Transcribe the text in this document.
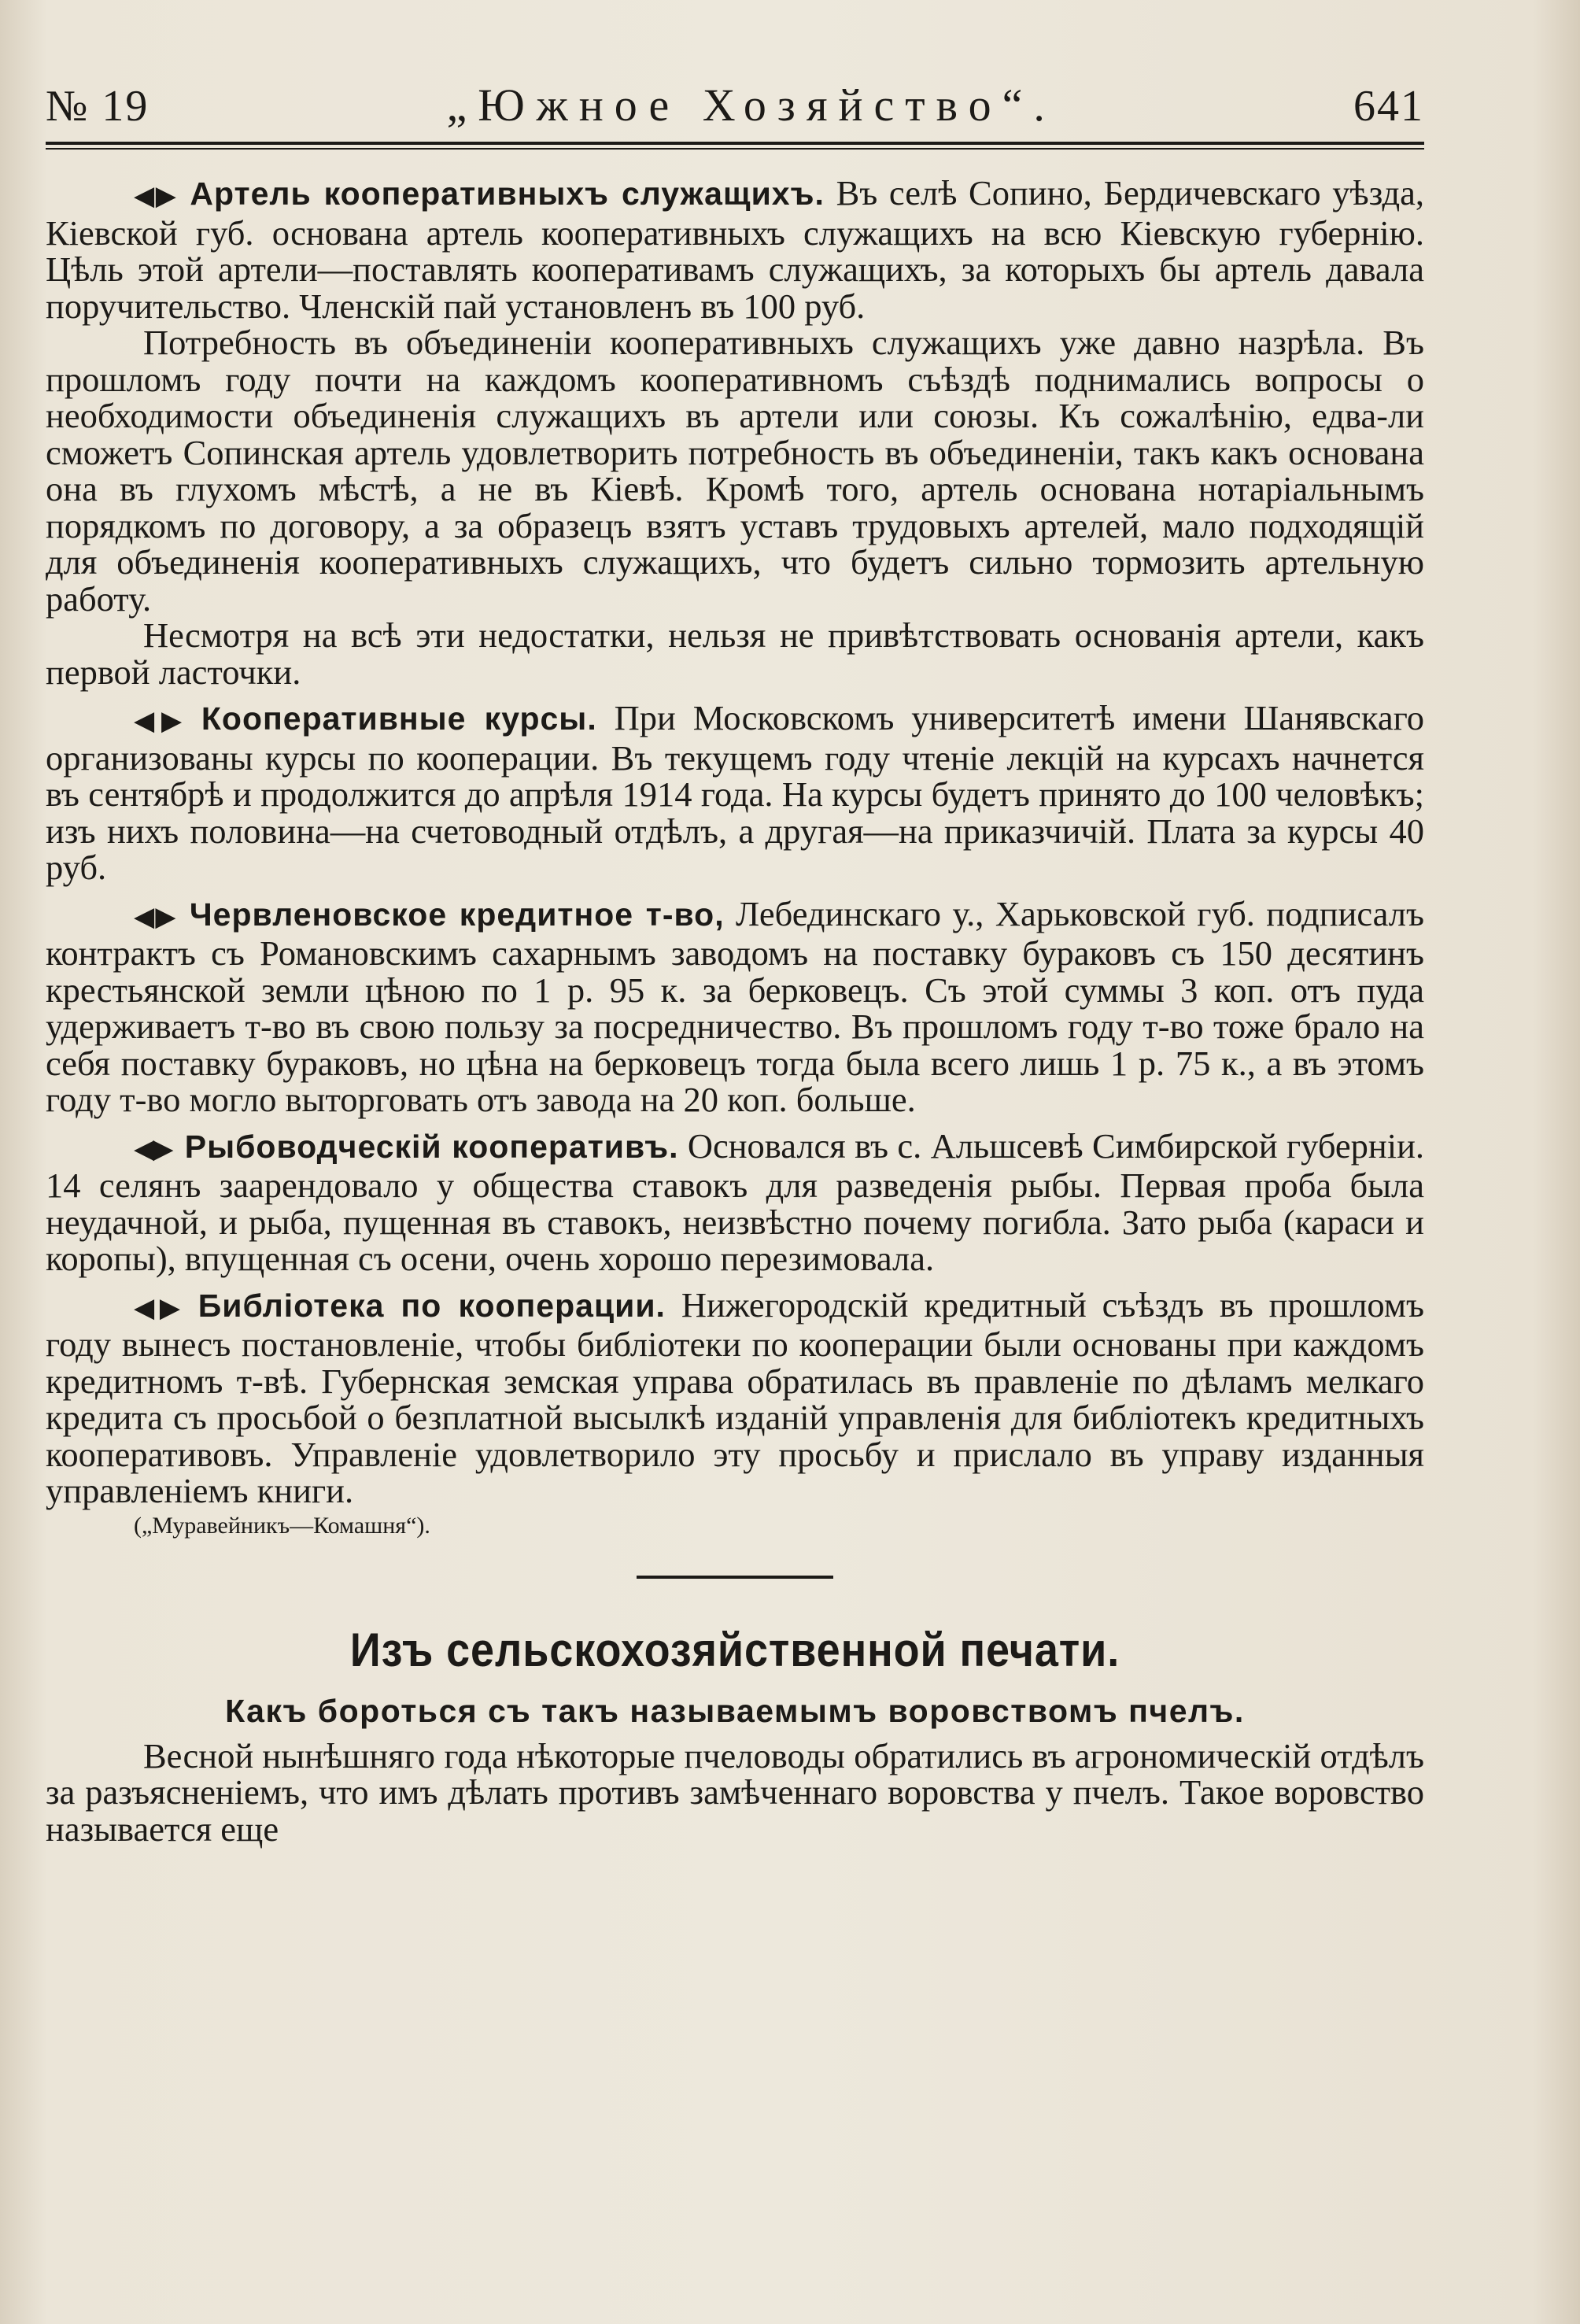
№ 19	„Южное Хозяйство“.	641

◀▶ Артель кооперативныхъ служащихъ. Въ селѣ Сопино, Бердичевскаго уѣзда, Кіевской губ. основана артель кооперативныхъ служащихъ на всю Кіевскую губернію. Цѣль этой артели—поставлять кооперативамъ служащихъ, за которыхъ бы артель давала поручительство. Членскій пай установленъ въ 100 руб.

Потребность въ объединеніи кооперативныхъ служащихъ уже давно назрѣла. Въ прошломъ году почти на каждомъ кооперативномъ съѣздѣ поднимались вопросы о необходимости объединенія служащихъ въ артели или союзы. Къ сожалѣнію, едва-ли сможетъ Сопинская артель удовлетворить потребность въ объединеніи, такъ какъ основана она въ глухомъ мѣстѣ, а не въ Кіевѣ. Кромѣ того, артель основана нотаріальнымъ порядкомъ по договору, а за образецъ взятъ уставъ трудовыхъ артелей, мало подходящій для объединенія кооперативныхъ служащихъ, что будетъ сильно тормозить артельную работу.

Несмотря на всѣ эти недостатки, нельзя не привѣтствовать основанія артели, какъ первой ласточки.

◀▶ Кооперативные курсы. При Московскомъ университетѣ имени Шанявскаго организованы курсы по кооперации. Въ текущемъ году чтеніе лекцій на курсахъ начнется въ сентябрѣ и продолжится до апрѣля 1914 года. На курсы будетъ принято до 100 человѣкъ; изъ нихъ половина—на счетоводный отдѣлъ, а другая—на приказчичій. Плата за курсы 40 руб.

◀▶ Червленовское кредитное т-во, Лебединскаго у., Харьковской губ. подписалъ контрактъ съ Романовскимъ сахарнымъ заводомъ на поставку бураковъ съ 150 десятинъ крестьянской земли цѣною по 1 р. 95 к. за берковецъ. Съ этой суммы 3 коп. отъ пуда удерживаетъ т-во въ свою пользу за посредничество. Въ прошломъ году т-во тоже брало на себя поставку бураковъ, но цѣна на берковецъ тогда была всего лишь 1 р. 75 к., а въ этомъ году т-во могло выторговать отъ завода на 20 коп. больше.

◀▶ Рыбоводческій кооперативъ. Основался въ с. Альшсевѣ Симбирской губерніи. 14 селянъ заарендовало у общества ставокъ для разведенія рыбы. Первая проба была неудачной, и рыба, пущенная въ ставокъ, неизвѣстно почему погибла. Зато рыба (караси и коропы), впущенная съ осени, очень хорошо перезимовала.

◀▶ Библіотека по кооперации. Нижегородскій кредитный съѣздъ въ прошломъ году вынесъ постановленіе, чтобы библіотеки по кооперации были основаны при каждомъ кредитномъ т-вѣ. Губернская земская управа обратилась въ правленіе по дѣламъ мелкаго кредита съ просьбой о безплатной высылкѣ изданій управленія для библіотекъ кредитныхъ кооперативовъ. Управленіе удовлетворило эту просьбу и прислало въ управу изданныя управленіемъ книги.

(„Муравейникъ—Комашня“).
Изъ сельскохозяйственной печати.
Какъ бороться съ такъ называемымъ воровствомъ пчелъ.

Весной нынѣшняго года нѣкоторые пчеловоды обратились въ агрономическій отдѣлъ за разъясненіемъ, что имъ дѣлать противъ замѣченнаго воровства у пчелъ. Такое воровство называется еще
